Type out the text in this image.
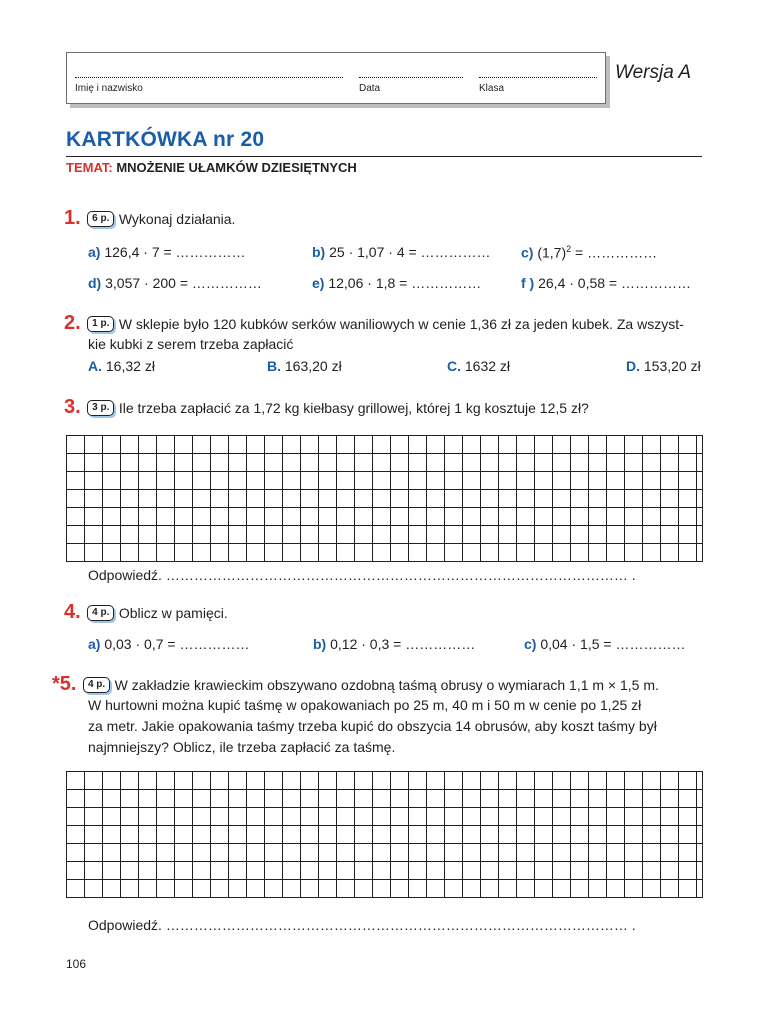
Imię i nazwisko	Data	Klasa
Wersja A
KARTKÓWKA nr 20
TEMAT: MNOŻENIE UŁAMKÓW DZIESIĘTNYCH
1. 6 p. Wykonaj działania.
a) 126,4 · 7 = ……………	b) 25 · 1,07 · 4 = …………… c) $(1,7)^2$ = ……………
d) 3,057 · 200 = ……………	e) 12,06 · 1,8 = ……………	f ) 26,4 · 0,58 = ……………
2. 1 p. W sklepie było 120 kubków serków waniliowych w cenie 1,36 zł za jeden kubek. Za wszyst-
kie kubki z serem trzeba zapłacić
A. 16,32 zł	B. 163,20 zł	C. 1632 zł	D. 153,20 zł
3. 3 p. Ile trzeba zapłacić za 1,72 kg kiełbasy grillowej, której 1 kg kosztuje 12,5 zł?
Odpowiedź. ……………………………………………………………………………………… .
4. 4 p. Oblicz w pamięci.
a) 0,03 · 0,7 = ……………	b) 0,12 · 0,3 = ……………	c) 0,04 · 1,5 = ……………
*5. 4 p. W zakładzie krawieckim obszywano ozdobną taśmą obrusy o wymiarach 1,1 m × 1,5 m.
W hurtowni można kupić taśmę w opakowaniach po 25 m, 40 m i 50 m w cenie po 1,25 zł
za metr. Jakie opakowania taśmy trzeba kupić do obszycia 14 obrusów, aby koszt taśmy był
najmniejszy? Oblicz, ile trzeba zapłacić za taśmę.
Odpowiedź. ……………………………………………………………………………………… .
106
